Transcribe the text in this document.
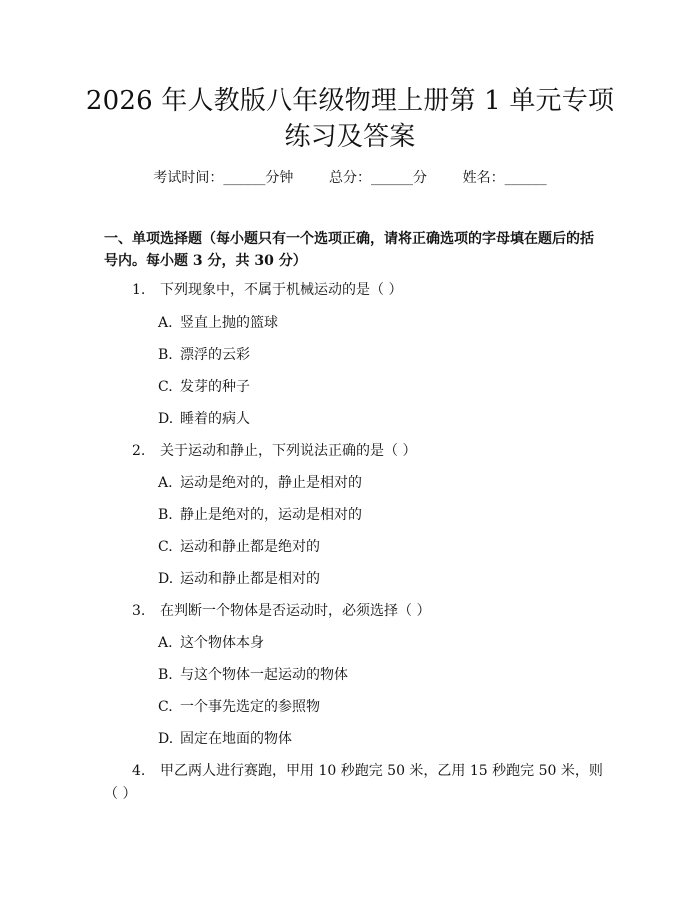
2026 年人教版八年级物理上册第 1 单元专项
练习及答案
考试时间：______分钟	总分：______分	姓名：______
一、单项选择题（每小题只有一个选项正确，请将正确选项的字母填在题后的括
号内。每小题 3 分，共 30 分）
1.	下列现象中，不属于机械运动的是（ ）
A. 竖直上抛的篮球
B. 漂浮的云彩
C. 发芽的种子
D. 睡着的病人
2.	关于运动和静止，下列说法正确的是（ ）
A. 运动是绝对的，静止是相对的
B. 静止是绝对的，运动是相对的
C. 运动和静止都是绝对的
D. 运动和静止都是相对的
3.	在判断一个物体是否运动时，必须选择（ ）
A. 这个物体本身
B. 与这个物体一起运动的物体
C. 一个事先选定的参照物
D. 固定在地面的物体
4.	甲乙两人进行赛跑，甲用 10 秒跑完 50 米，乙用 15 秒跑完 50 米，则
（ ）
